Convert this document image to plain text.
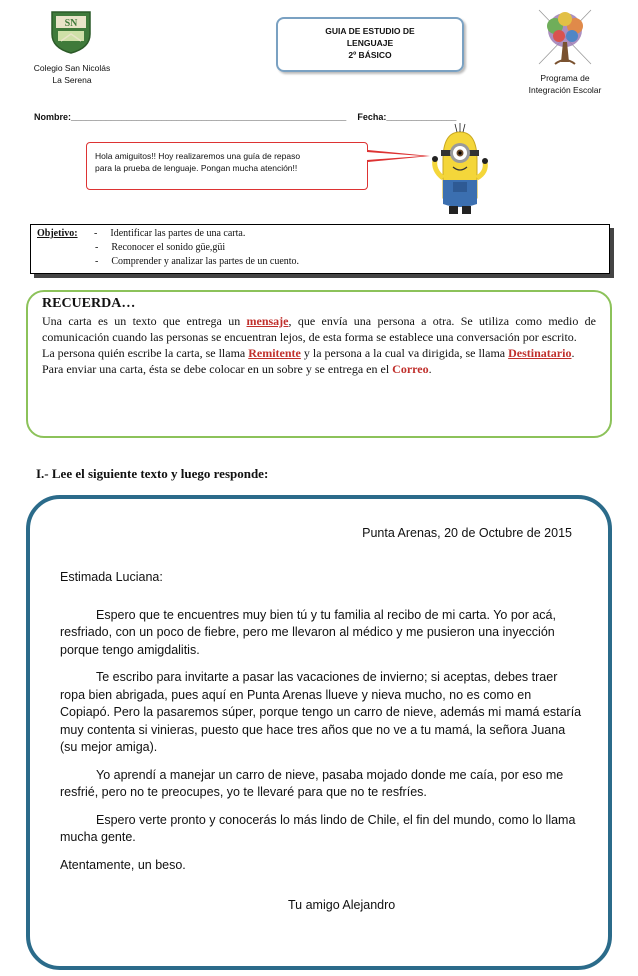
SN
Colegio San Nicolás
La Serena
GUIA DE ESTUDIO DE
LENGUAJE
2º BÁSICO
Programa de
Integración Escolar
Nombre:_______________________________________________________ Fecha:______________
Hola amiguitos!! Hoy realizaremos una guía de repaso
para la prueba de lenguaje. Pongan mucha atención!!
Objetivo: -  Identificar las partes de una carta.
-  Reconocer el sonido güe,güi
-  Comprender y analizar las partes de un cuento.
RECUERDA…
Una carta es un texto que entrega un mensaje, que envía una persona a otra. Se utiliza como medio de comunicación cuando las personas se encuentran lejos, de esta forma se establece una conversación por escrito.
La persona quién escribe la carta, se llama Remitente y la persona a la cual va dirigida, se llama Destinatario.
Para enviar una carta, ésta se debe colocar en un sobre y se entrega en el Correo.
I.- Lee el siguiente texto y luego responde:
Punta Arenas, 20 de Octubre de 2015

Estimada Luciana:

Espero que te encuentres muy bien tú y tu familia al recibo de mi carta. Yo por acá, resfriado, con un poco de fiebre, pero me llevaron al médico y me pusieron una inyección porque tengo amigdalitis.

Te escribo para invitarte a pasar las vacaciones de invierno; si aceptas, debes traer ropa bien abrigada, pues aquí en Punta Arenas llueve y nieva mucho, no es como en Copiapó. Pero la pasaremos súper, porque tengo un carro de nieve, además mi mamá estaría muy contenta si vinieras, puesto que hace tres años que no ve a tu mamá, la señora Juana (su mejor amiga).

Yo aprendí a manejar un carro de nieve, pasaba mojado donde me caía, por eso me resfrié, pero no te preocupes, yo te llevaré para que no te resfríes.

Espero verte pronto y conocerás lo más lindo de Chile, el fin del mundo, como lo llama mucha gente.

Atentamente, un beso.

Tu amigo Alejandro
